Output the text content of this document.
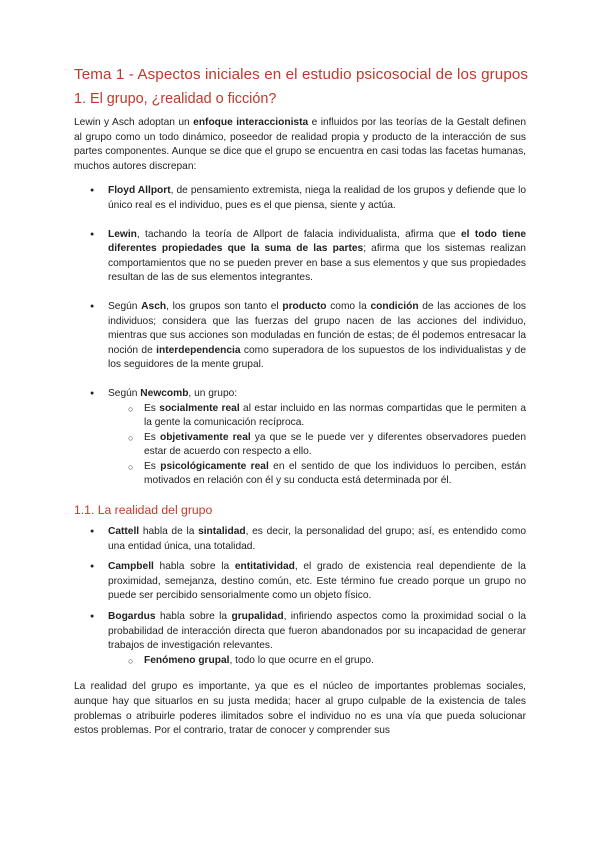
Tema 1 - Aspectos iniciales en el estudio psicosocial de los grupos
1. El grupo, ¿realidad o ficción?

Lewin y Asch adoptan un enfoque interaccionista e influidos por las teorías de la Gestalt definen al grupo como un todo dinámico, poseedor de realidad propia y producto de la interacción de sus partes componentes. Aunque se dice que el grupo se encuentra en casi todas las facetas humanas, muchos autores discrepan:

● Floyd Allport, de pensamiento extremista, niega la realidad de los grupos y defiende que lo único real es el individuo, pues es el que piensa, siente y actúa.
● Lewin, tachando la teoría de Allport de falacia individualista, afirma que el todo tiene diferentes propiedades que la suma de las partes; afirma que los sistemas realizan comportamientos que no se pueden prever en base a sus elementos y que sus propiedades resultan de las de sus elementos integrantes.
● Según Asch, los grupos son tanto el producto como la condición de las acciones de los individuos; considera que las fuerzas del grupo nacen de las acciones del individuo, mientras que sus acciones son moduladas en función de estas; de él podemos entresacar la noción de interdependencia como superadora de los supuestos de los individualistas y de los seguidores de la mente grupal.
● Según Newcomb, un grupo:
○ Es socialmente real al estar incluido en las normas compartidas que le permiten a la gente la comunicación recíproca.
○ Es objetivamente real ya que se le puede ver y diferentes observadores pueden estar de acuerdo con respecto a ello.
○ Es psicológicamente real en el sentido de que los individuos lo perciben, están motivados en relación con él y su conducta está determinada por él.
1.1. La realidad del grupo
● Cattell habla de la sintalidad, es decir, la personalidad del grupo; así, es entendido como una entidad única, una totalidad.
● Campbell habla sobre la entitatividad, el grado de existencia real dependiente de la proximidad, semejanza, destino común, etc. Este término fue creado porque un grupo no puede ser percibido sensorialmente como un objeto físico.
● Bogardus habla sobre la grupalidad, infiriendo aspectos como la proximidad social o la probabilidad de interacción directa que fueron abandonados por su incapacidad de generar trabajos de investigación relevantes.
○ Fenómeno grupal, todo lo que ocurre en el grupo.

La realidad del grupo es importante, ya que es el núcleo de importantes problemas sociales, aunque hay que situarlos en su justa medida; hacer al grupo culpable de la existencia de tales problemas o atribuirle poderes ilimitados sobre el individuo no es una vía que pueda solucionar estos problemas. Por el contrario, tratar de conocer y comprender sus
